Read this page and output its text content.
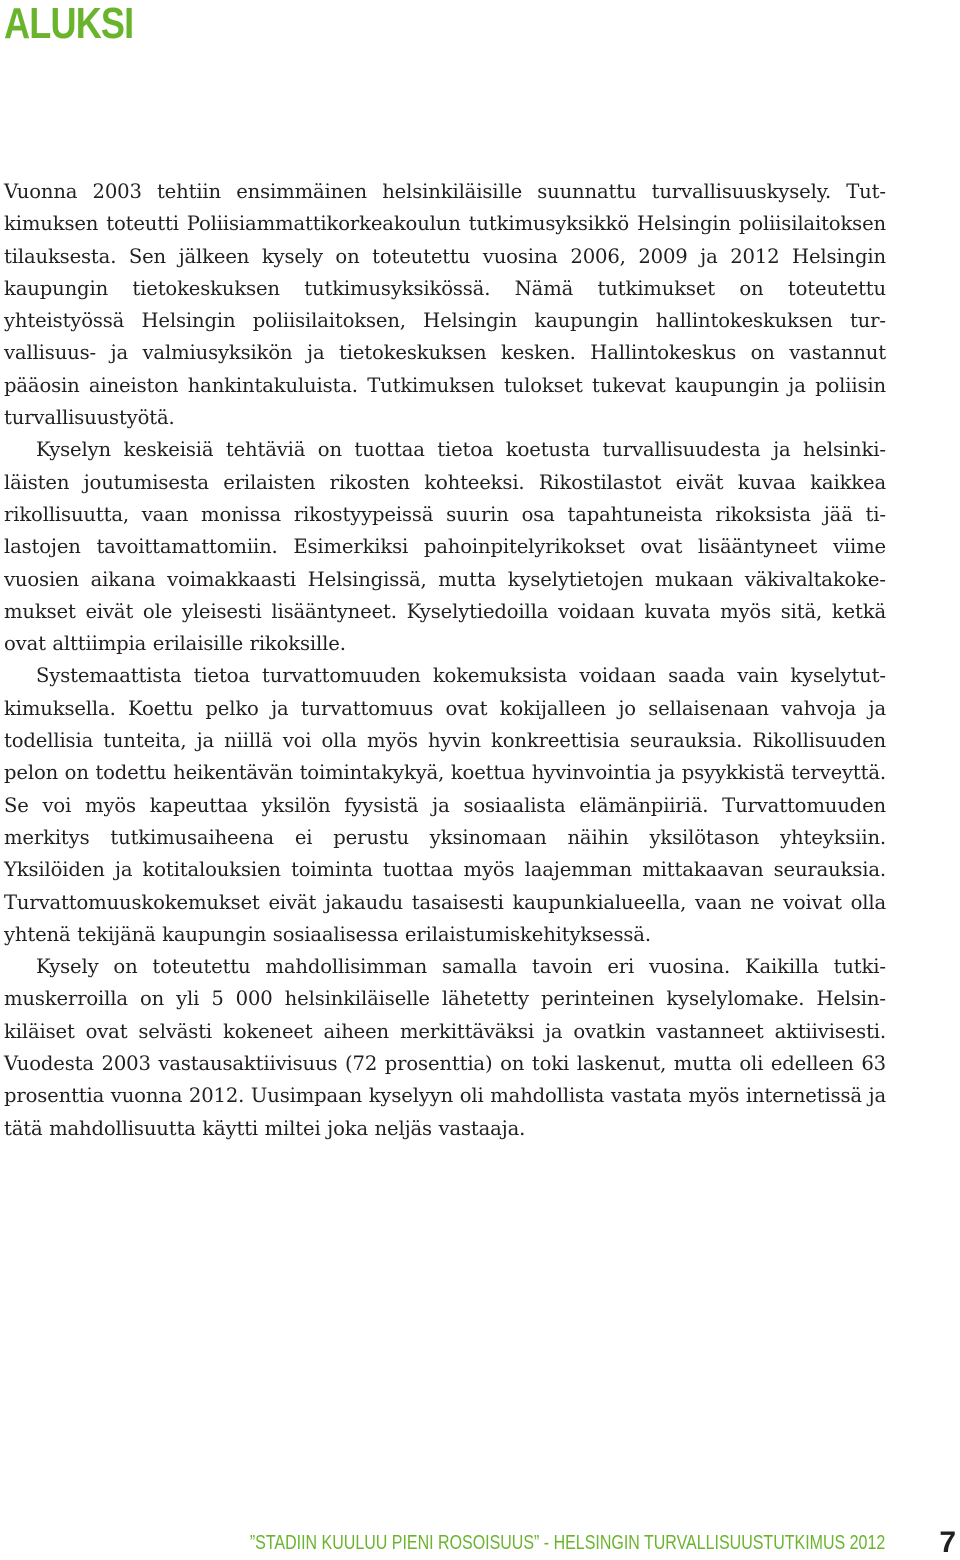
ALUKSI

Vuonna 2003 tehtiin ensimmäinen helsinkiläisille suunnattu turvallisuuskysely. Tutkimuksen toteutti Poliisiammattikorkeakoulun tutkimusyksikkö Helsingin poliisilaitoksen tilauksesta. Sen jälkeen kysely on toteutettu vuosina 2006, 2009 ja 2012 Helsingin kaupungin tietokeskuksen tutkimusyksikössä. Nämä tutkimukset on toteutettu yhteistyössä Helsingin poliisilaitoksen, Helsingin kaupungin hallintokeskuksen turvallisuus- ja valmiusyksikön ja tietokeskuksen kesken. Hallintokeskus on vastannut pääosin aineiston hankintakuluista. Tutkimuksen tulokset tukevat kaupungin ja poliisin turvallisuustyötä.

Kyselyn keskeisiä tehtäviä on tuottaa tietoa koetusta turvallisuudesta ja helsinkiläisten joutumisesta erilaisten rikosten kohteeksi. Rikostilastot eivät kuvaa kaikkea rikollisuutta, vaan monissa rikostyypeissä suurin osa tapahtuneista rikoksista jää tilastojen tavoittamattomiin. Esimerkiksi pahoinpitelyrikokset ovat lisääntyneet viime vuosien aikana voimakkaasti Helsingissä, mutta kyselytietojen mukaan väkivaltakokemukset eivät ole yleisesti lisääntyneet. Kyselytiedoilla voidaan kuvata myös sitä, ketkä ovat alttiimpia erilaisille rikoksille.

Systemaattista tietoa turvattomuuden kokemuksista voidaan saada vain kyselytutkimuksella. Koettu pelko ja turvattomuus ovat kokijalleen jo sellaisenaan vahvoja ja todellisia tunteita, ja niillä voi olla myös hyvin konkreettisia seurauksia. Rikollisuuden pelon on todettu heikentävän toimintakykyä, koettua hyvinvointia ja psyykkistä terveyttä. Se voi myös kapeuttaa yksilön fyysistä ja sosiaalista elämänpiiriä. Turvattomuuden merkitys tutkimusaiheena ei perustu yksinomaan näihin yksilötason yhteyksiin. Yksilöiden ja kotitalouksien toiminta tuottaa myös laajemman mittakaavan seurauksia. Turvattomuuskokemukset eivät jakaudu tasaisesti kaupunkialueella, vaan ne voivat olla yhtenä tekijänä kaupungin sosiaalisessa erilaistumiskehityksessä.

Kysely on toteutettu mahdollisimman samalla tavoin eri vuosina. Kaikilla tutkimuskerroilla on yli 5 000 helsinkiläiselle lähetetty perinteinen kyselylomake. Helsinkiläiset ovat selvästi kokeneet aiheen merkittäväksi ja ovatkin vastanneet aktiivisesti. Vuodesta 2003 vastausaktiivisuus (72 prosenttia) on toki laskenut, mutta oli edelleen 63 prosenttia vuonna 2012. Uusimpaan kyselyyn oli mahdollista vastata myös internetissä ja tätä mahdollisuutta käytti miltei joka neljäs vastaaja.

”STADIIN KUULUU PIENI ROSOISUUS” - HELSINGIN TURVALLISUUSTUTKIMUS 2012 7
